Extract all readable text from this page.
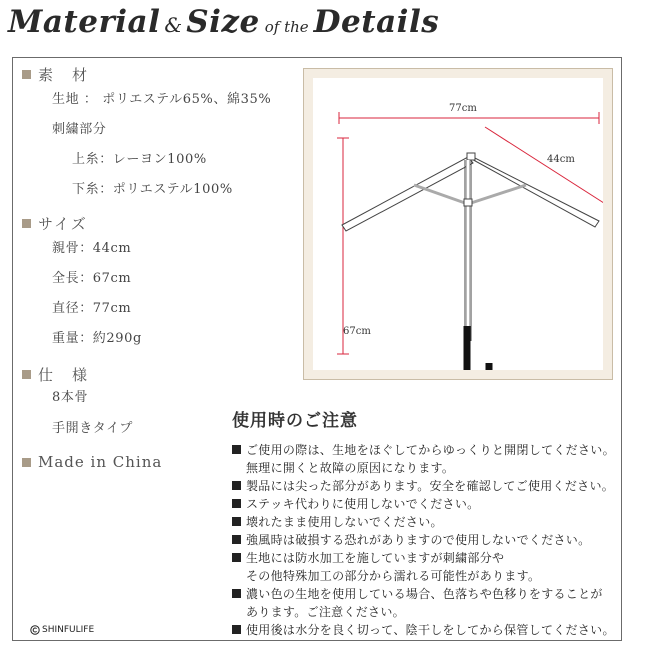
Material & Size of the Details
素　材
生地 ： ポリエステル65%、綿35%
刺繍部分
上糸：レーヨン100%
下糸：ポリエステル100%
サイズ
親骨：44cm
全長：67cm
直径：77cm
重量：約290g
仕　様
8本骨
手開きタイプ
Made in China
77cm
44cm
67cm
使用時のご注意
ご使用の際は、生地をほぐしてからゆっくりと開閉してください。
無理に開くと故障の原因になります。
製品には尖った部分があります。安全を確認してご使用ください。
ステッキ代わりに使用しないでください。
壊れたまま使用しないでください。
強風時は破損する恐れがありますので使用しないでください。
生地には防水加工を施していますが刺繍部分や
その他特殊加工の部分から濡れる可能性があります。
濃い色の生地を使用している場合、色落ちや色移りをすることが
あります。ご注意ください。
使用後は水分を良く切って、陰干しをしてから保管してください。
SHINFULIFE
